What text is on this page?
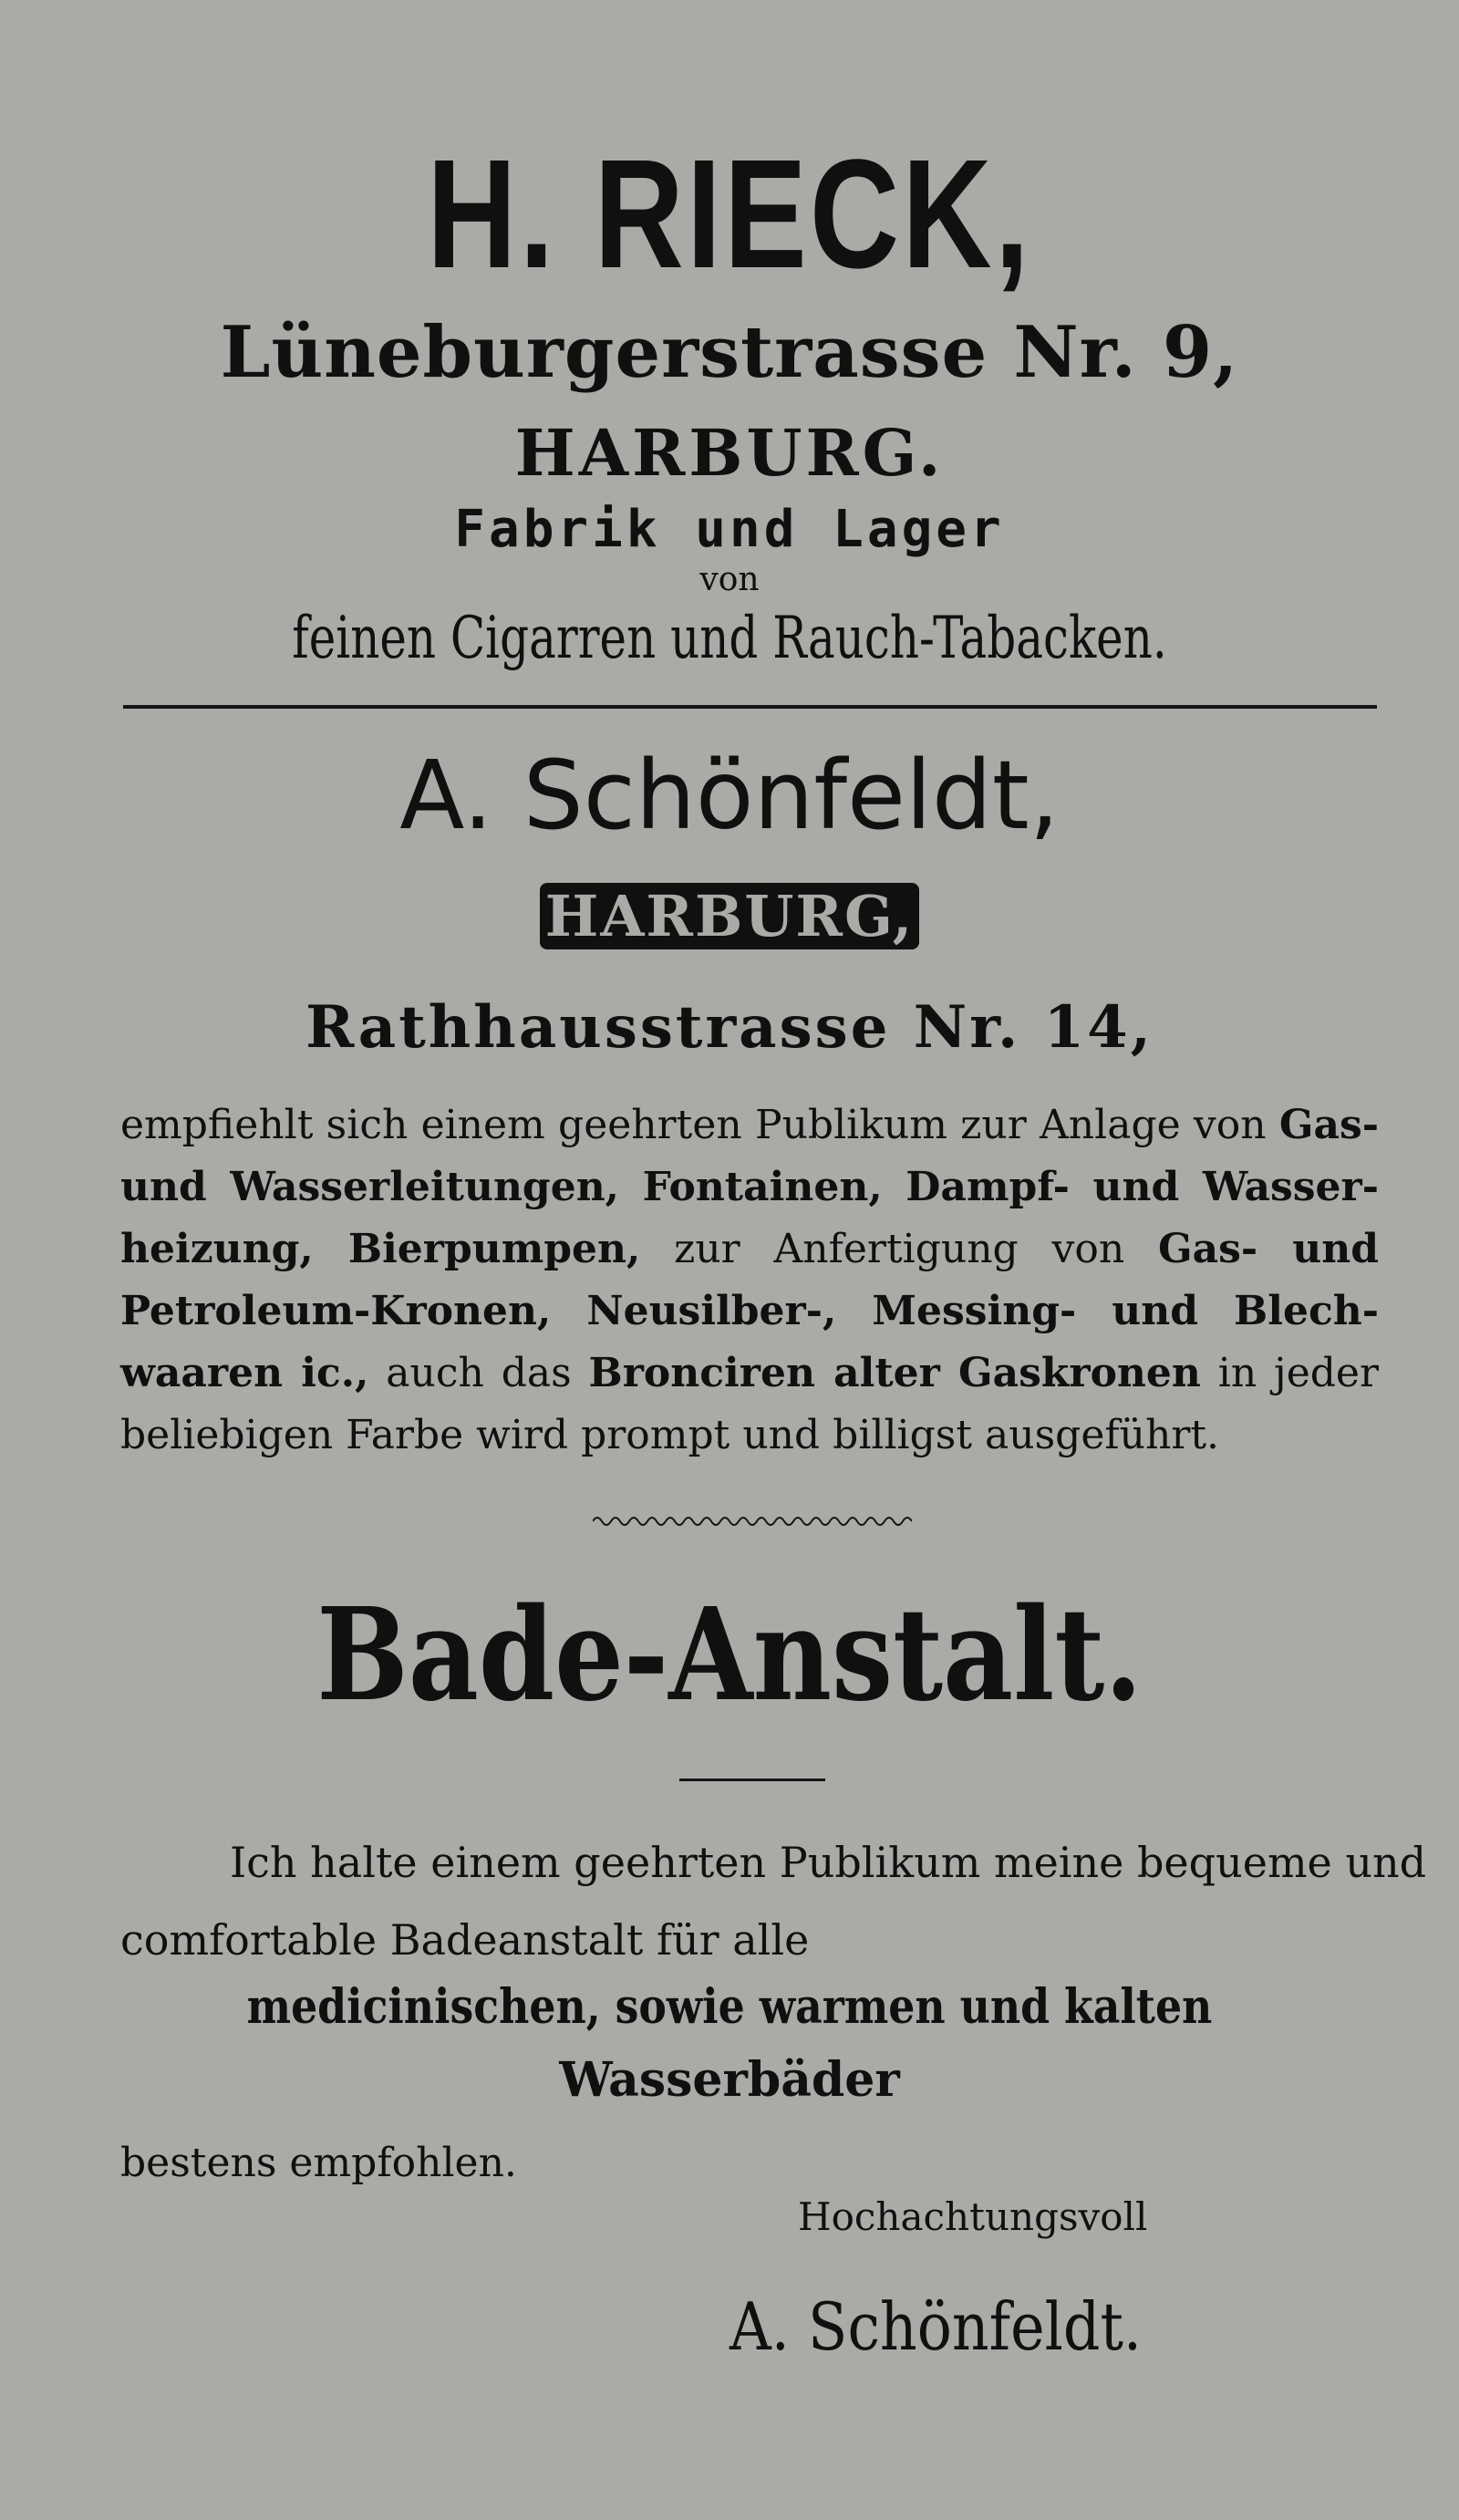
H. RIECK,
Lüneburgerstrasse Nr. 9,
HARBURG.
Fabrik und Lager
von
feinen Cigarren und Rauch-Tabacken.
A. Schönfeldt,
HARBURG,
Rathhausstrasse Nr. 14,
empfiehlt sich einem geehrten Publikum zur Anlage von Gas-
und Wasserleitungen, Fontainen, Dampf- und Wasser-
heizung, Bierpumpen, zur Anfertigung von Gas- und
Petroleum-Kronen, Neusilber-, Messing- und Blech-
waaren ic., auch das Bronciren alter Gaskronen in jeder
beliebigen Farbe wird prompt und billigst ausgeführt.
Bade-Anstalt.
Ich halte einem geehrten Publikum meine bequeme und
comfortable Badeanstalt für alle
medicinischen, sowie warmen und kalten
Wasserbäder
bestens empfohlen.
Hochachtungsvoll
A. Schönfeldt.
